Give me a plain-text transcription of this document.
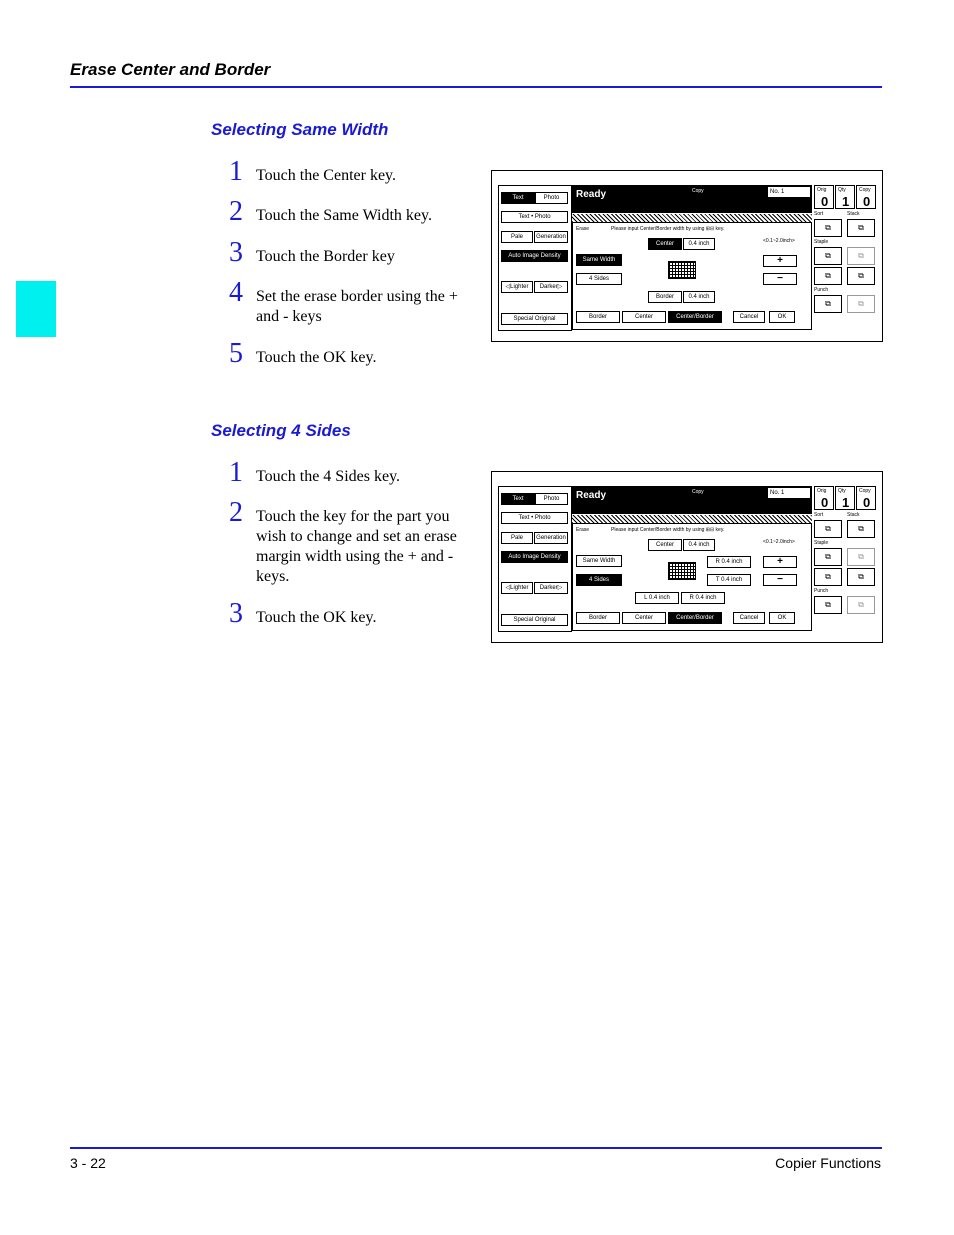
Erase Center and Border
Selecting Same Width
1 Touch the Center key.
2 Touch the Same Width key.
3 Touch the Border key
4 Set the erase border using the + and - keys
5 Touch the OK key.
Selecting 4 Sides
1 Touch the 4 Sides key.
2 Touch the key for the part you wish to change and set an erase margin width using the + and - keys.
3 Touch the OK key.
Text	Photo
Text • Photo
Pale	Generation
Auto Image Density
◁Lighter	Darker▷
Special Original
Ready	Copy	No. 1
Erase	Please input Center/Border width by using ⊞⊟ key.
<0.1~2.0inch>
Center	0.4 inch
Same Width
4 Sides
+
−
Border	0.4 inch
Border	Center	Center/Border	Cancel	OK
Orig
0
Qty
1
Copy
0
Sort	Stack
⧉	⧉
Staple
⧉	⧉
⧉	⧉
Punch
⧉	⧉
Text	Photo
Text • Photo
Pale	Generation
Auto Image Density
◁Lighter	Darker▷
Special Original
Ready	Copy	No. 1
Erase	Please input Center/Border width by using ⊞⊟ key.
<0.1~2.0inch>
Center	0.4 inch
Same Width
4 Sides
R 0.4 inch
T 0.4 inch
+
−
L 0.4 inch	R 0.4 inch
Border	Center	Center/Border	Cancel	OK
Orig
0
Qty
1
Copy
0
Sort	Stack
⧉	⧉
Staple
⧉	⧉
⧉	⧉
Punch
⧉	⧉
3 - 22	Copier Functions
